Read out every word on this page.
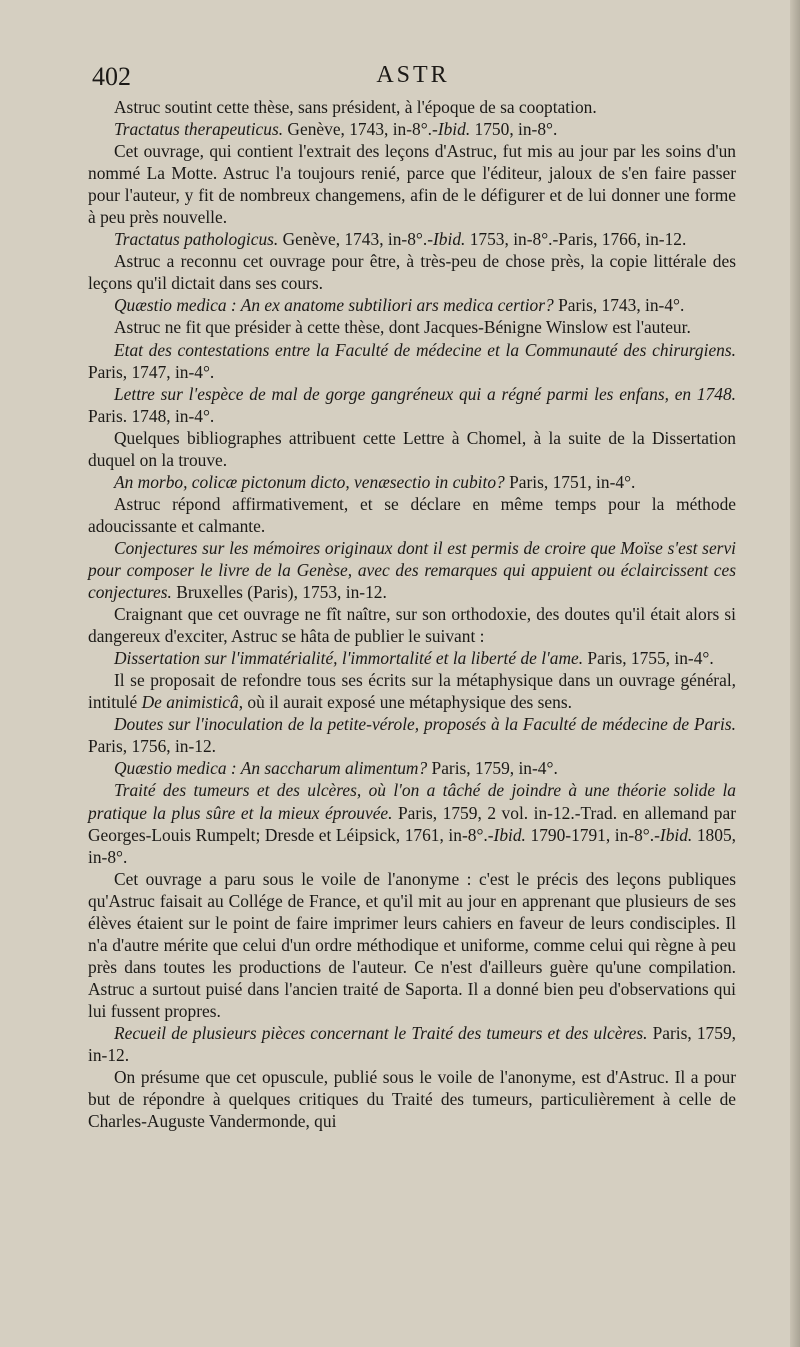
402	ASTR

Astruc soutint cette thèse, sans président, à l'époque de sa cooptation.

Tractatus therapeuticus. Genève, 1743, in-8°.-Ibid. 1750, in-8°.

Cet ouvrage, qui contient l'extrait des leçons d'Astruc, fut mis au jour par les soins d'un nommé La Motte. Astruc l'a toujours renié, parce que l'éditeur, jaloux de s'en faire passer pour l'auteur, y fit de nombreux changemens, afin de le défigurer et de lui donner une forme à peu près nouvelle.

Tractatus pathologicus. Genève, 1743, in-8°.-Ibid. 1753, in-8°.-Paris, 1766, in-12.

Astruc a reconnu cet ouvrage pour être, à très-peu de chose près, la copie littérale des leçons qu'il dictait dans ses cours.

Quæstio medica : An ex anatome subtiliori ars medica certior? Paris, 1743, in-4°.

Astruc ne fit que présider à cette thèse, dont Jacques-Bénigne Winslow est l'auteur.

Etat des contestations entre la Faculté de médecine et la Communauté des chirurgiens. Paris, 1747, in-4°.

Lettre sur l'espèce de mal de gorge gangréneux qui a régné parmi les enfans, en 1748. Paris. 1748, in-4°.

Quelques bibliographes attribuent cette Lettre à Chomel, à la suite de la Dissertation duquel on la trouve.

An morbo, colicæ pictonum dicto, venæsectio in cubito? Paris, 1751, in-4°.

Astruc répond affirmativement, et se déclare en même temps pour la méthode adoucissante et calmante.

Conjectures sur les mémoires originaux dont il est permis de croire que Moïse s'est servi pour composer le livre de la Genèse, avec des remarques qui appuient ou éclaircissent ces conjectures. Bruxelles (Paris), 1753, in-12.

Craignant que cet ouvrage ne fît naître, sur son orthodoxie, des doutes qu'il était alors si dangereux d'exciter, Astruc se hâta de publier le suivant :

Dissertation sur l'immatérialité, l'immortalité et la liberté de l'ame. Paris, 1755, in-4°.

Il se proposait de refondre tous ses écrits sur la métaphysique dans un ouvrage général, intitulé De animisticâ, où il aurait exposé une métaphysique des sens.

Doutes sur l'inoculation de la petite-vérole, proposés à la Faculté de médecine de Paris. Paris, 1756, in-12.

Quæstio medica : An saccharum alimentum? Paris, 1759, in-4°.

Traité des tumeurs et des ulcères, où l'on a tâché de joindre à une théorie solide la pratique la plus sûre et la mieux éprouvée. Paris, 1759, 2 vol. in-12.-Trad. en allemand par Georges-Louis Rumpelt; Dresde et Léipsick, 1761, in-8°.-Ibid. 1790-1791, in-8°.-Ibid. 1805, in-8°.

Cet ouvrage a paru sous le voile de l'anonyme : c'est le précis des leçons publiques qu'Astruc faisait au Collége de France, et qu'il mit au jour en apprenant que plusieurs de ses élèves étaient sur le point de faire imprimer leurs cahiers en faveur de leurs condisciples. Il n'a d'autre mérite que celui d'un ordre méthodique et uniforme, comme celui qui règne à peu près dans toutes les productions de l'auteur. Ce n'est d'ailleurs guère qu'une compilation. Astruc a surtout puisé dans l'ancien traité de Saporta. Il a donné bien peu d'observations qui lui fussent propres.

Recueil de plusieurs pièces concernant le Traité des tumeurs et des ulcères. Paris, 1759, in-12.

On présume que cet opuscule, publié sous le voile de l'anonyme, est d'Astruc. Il a pour but de répondre à quelques critiques du Traité des tumeurs, particulièrement à celle de Charles-Auguste Vandermonde, qui
